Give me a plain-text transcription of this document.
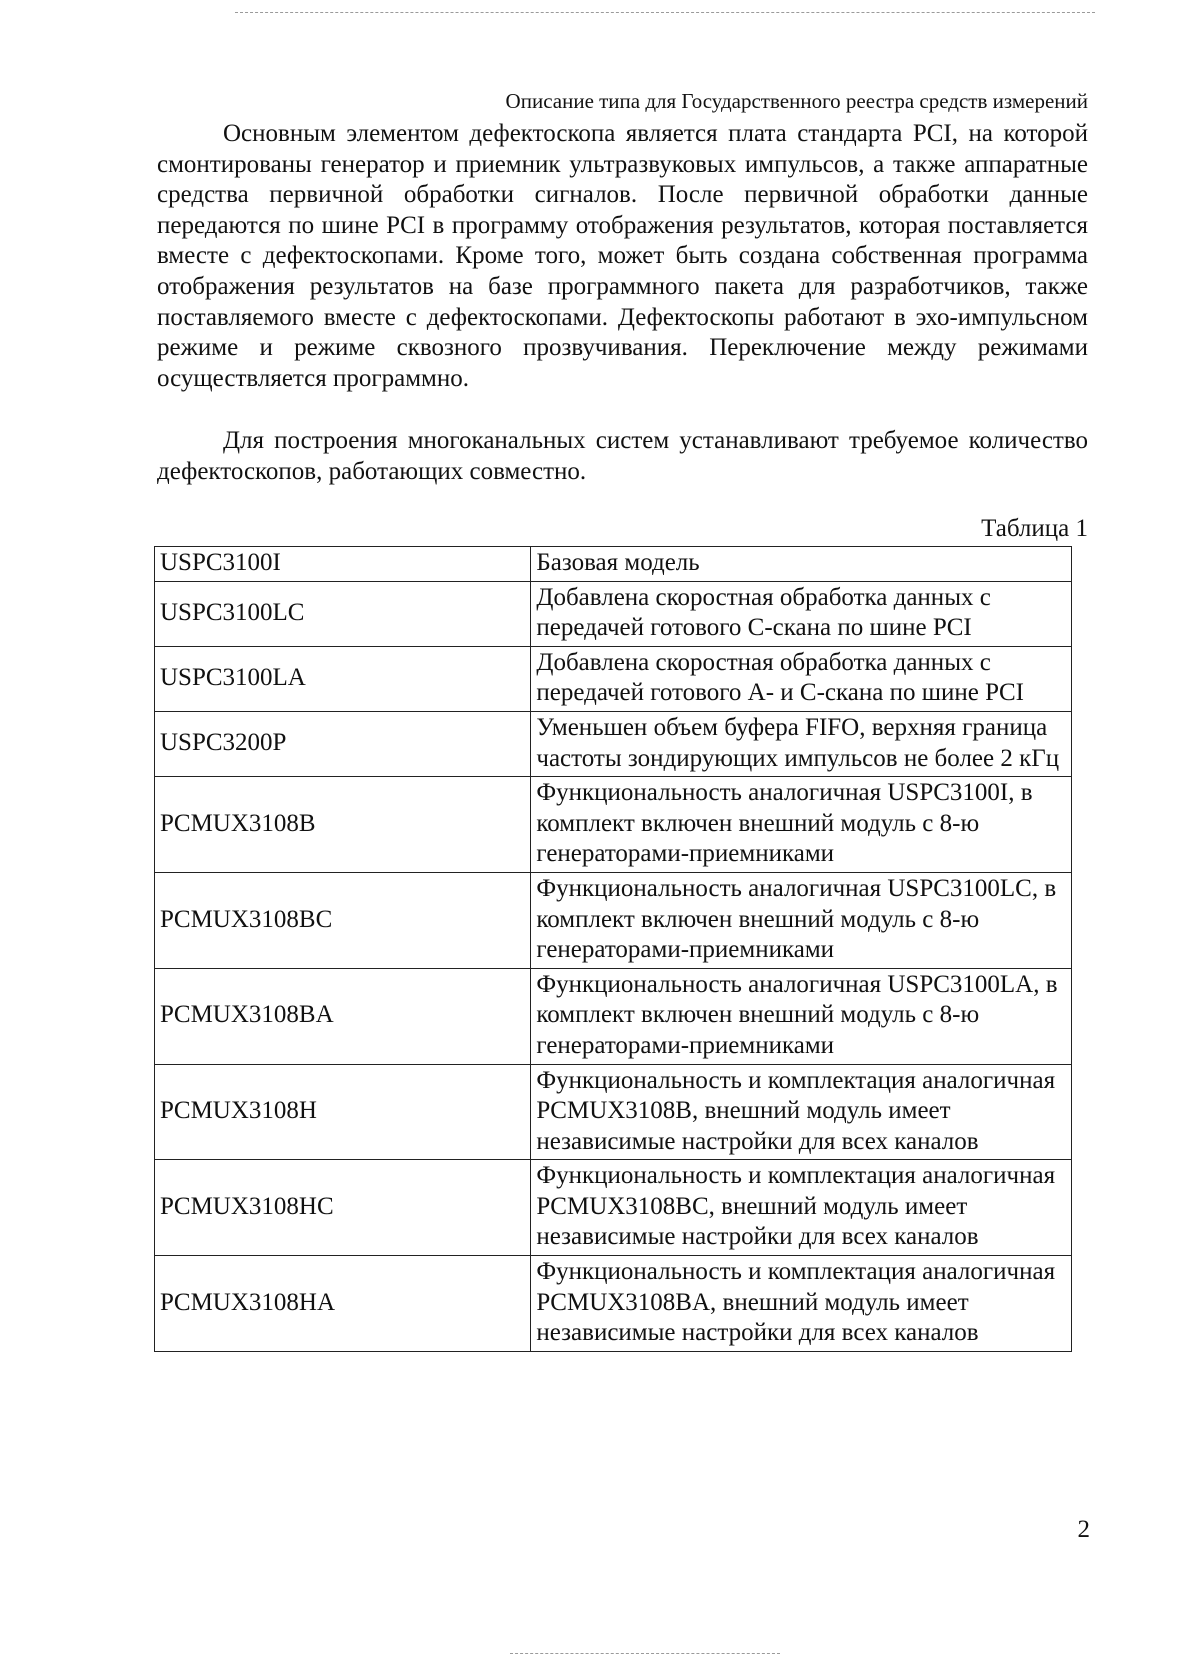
Описание типа для Государственного реестра средств измерений

Основным элементом дефектоскопа является плата стандарта PCI, на которой смонтированы генератор и приемник ультразвуковых импульсов, а также аппаратные средства первичной обработки сигналов. После первичной обработки данные передаются по шине PCI в программу отображения результатов, которая поставляется вместе с дефектоскопами. Кроме того, может быть создана собственная программа отображения результатов на базе программного пакета для разработчиков, также поставляемого вместе с дефектоскопами. Дефектоскопы работают в эхо-импульсном режиме и режиме сквозного прозвучивания. Переключение между режимами осуществляется программно.

Для построения многоканальных систем устанавливают требуемое количество дефектоскопов, работающих совместно.

Таблица 1
USPC3100I	Базовая модель
USPC3100LC	Добавлена скоростная обработка данных с передачей готового С-скана по шине PCI
USPC3100LA	Добавлена скоростная обработка данных с передачей готового А- и С-скана по шине PCI
USPC3200P	Уменьшен объем буфера FIFO, верхняя граница частоты зондирующих импульсов не более 2 кГц
PCMUX3108B	Функциональность аналогичная USPC3100I, в комплект включен внешний модуль с 8-ю генераторами-приемниками
PCMUX3108BC	Функциональность аналогичная USPC3100LC, в комплект включен внешний модуль с 8-ю генераторами-приемниками
PCMUX3108BA	Функциональность аналогичная USPC3100LA, в комплект включен внешний модуль с 8-ю генераторами-приемниками
PCMUX3108H	Функциональность и комплектация аналогичная PCMUX3108B, внешний модуль имеет независимые настройки для всех каналов
PCMUX3108HC	Функциональность и комплектация аналогичная PCMUX3108BC, внешний модуль имеет независимые настройки для всех каналов
PCMUX3108HA	Функциональность и комплектация аналогичная PCMUX3108BA, внешний модуль имеет независимые настройки для всех каналов
2
